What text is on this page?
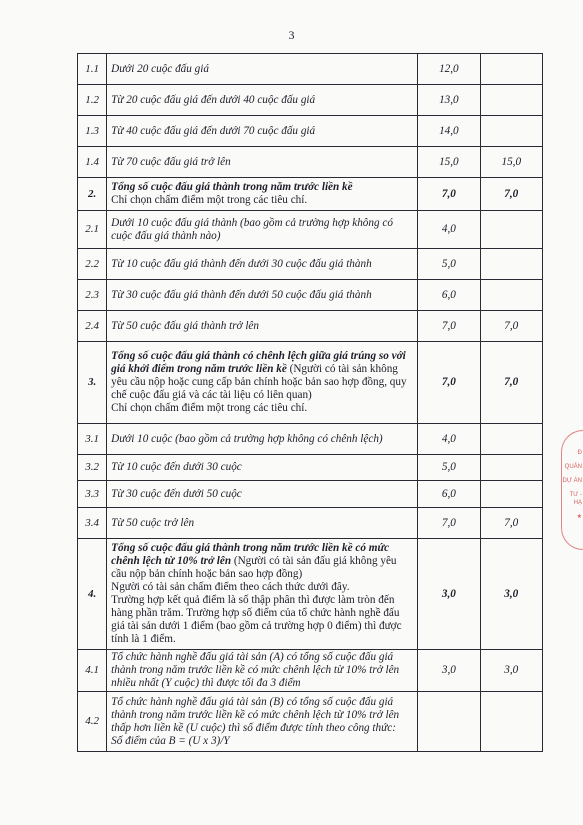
3
1.1	Dưới 20 cuộc đấu giá	12,0	
1.2	Từ 20 cuộc đấu giá đến dưới 40 cuộc đấu giá	13,0	
1.3	Từ 40 cuộc đấu giá đến dưới 70 cuộc đấu giá	14,0	
1.4	Từ 70 cuộc đấu giá trở lên	15,0	15,0
2.	Tổng số cuộc đấu giá thành trong năm trước liền kề
Chỉ chọn chấm điểm một trong các tiêu chí.	7,0	7,0
2.1	Dưới 10 cuộc đấu giá thành (bao gồm cả trường hợp không có cuộc đấu giá thành nào)	4,0	
2.2	Từ 10 cuộc đấu giá thành đến dưới 30 cuộc đấu giá thành	5,0	
2.3	Từ 30 cuộc đấu giá thành đến dưới 50 cuộc đấu giá thành	6,0	
2.4	Từ 50 cuộc đấu giá thành trở lên	7,0	7,0
3.	Tổng số cuộc đấu giá thành có chênh lệch giữa giá trúng so với giá khởi điểm trong năm trước liền kề (Người có tài sản không yêu cầu nộp hoặc cung cấp bản chính hoặc bản sao hợp đồng, quy chế cuộc đấu giá và các tài liệu có liên quan)
Chỉ chọn chấm điểm một trong các tiêu chí.	7,0	7,0
3.1	Dưới 10 cuộc (bao gồm cả trường hợp không có chênh lệch)	4,0	
3.2	Từ 10 cuộc đến dưới 30 cuộc	5,0	
3.3	Từ 30 cuộc đến dưới 50 cuộc	6,0	
3.4	Từ 50 cuộc trở lên	7,0	7,0
4.	Tổng số cuộc đấu giá thành trong năm trước liền kề có mức chênh lệch từ 10% trở lên (Người có tài sản đấu giá không yêu cầu nộp bản chính hoặc bản sao hợp đồng)
Người có tài sản chấm điểm theo cách thức dưới đây.
Trường hợp kết quả điểm là số thập phân thì được làm tròn đến hàng phần trăm. Trường hợp số điểm của tổ chức hành nghề đấu giá tài sản dưới 1 điểm (bao gồm cả trường hợp 0 điểm) thì được tính là 1 điểm.	3,0	3,0
4.1	Tổ chức hành nghề đấu giá tài sản (A) có tổng số cuộc đấu giá thành trong năm trước liền kề có mức chênh lệch từ 10% trở lên nhiều nhất (Y cuộc) thì được tối đa 3 điểm	3,0	3,0
4.2	Tổ chức hành nghề đấu giá tài sản (B) có tổng số cuộc đấu giá thành trong năm trước liền kề có mức chênh lệch từ 10% trở lên thấp hơn liền kề (U cuộc) thì số điểm được tính theo công thức:
Số điểm của B = (U x 3)/Y		
Đ
QUẢN
DỰ ÁN
TƯ - HẠ
★
